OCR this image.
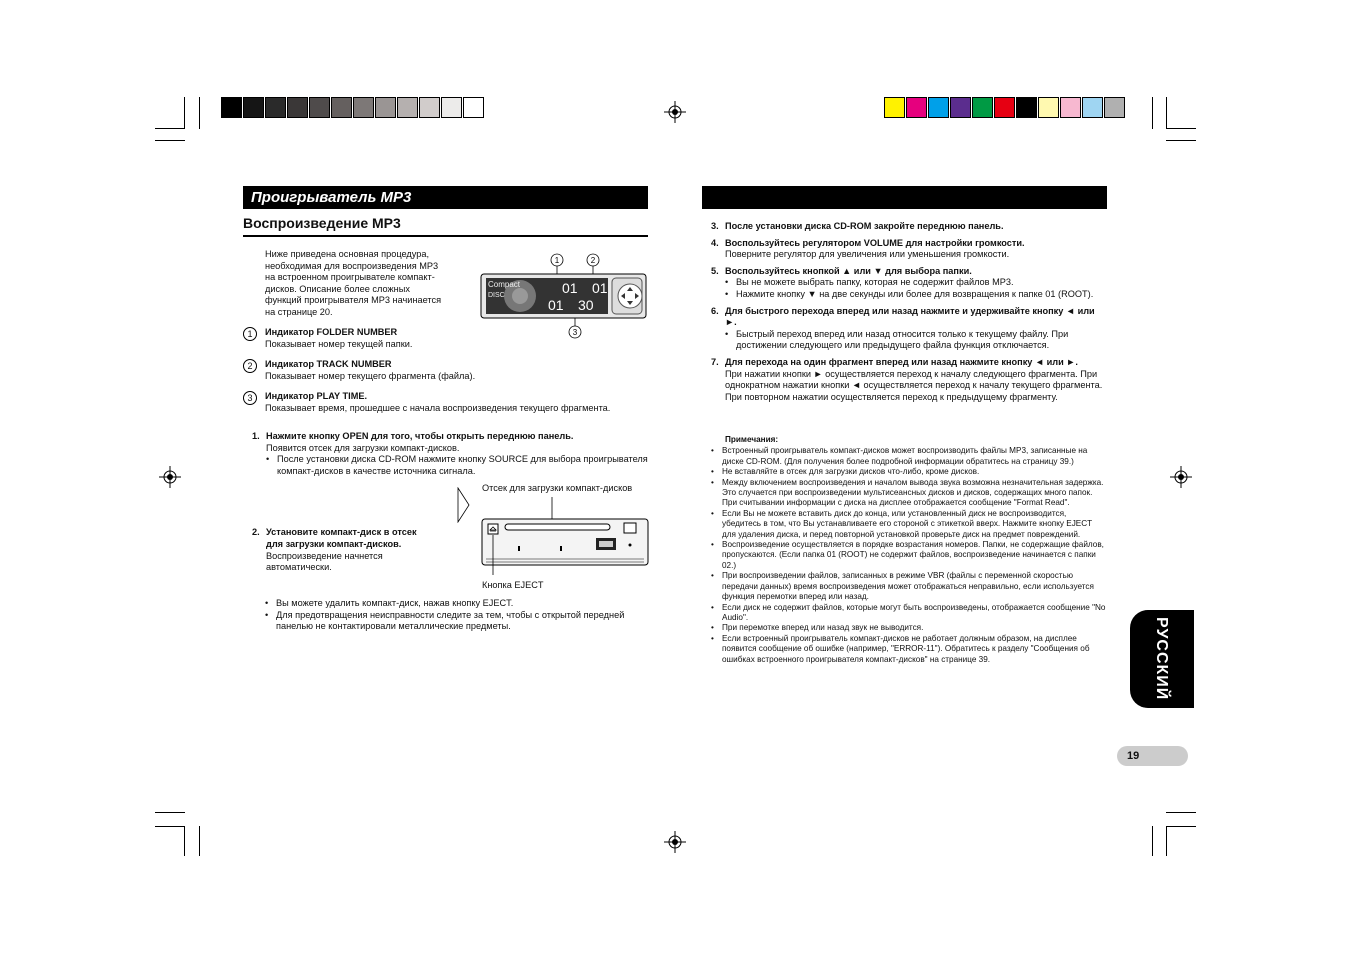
Проигрыватель MP3
Воспроизведение MP3
Ниже приведена основная процедура, необходимая для воспроизведения MP3 на встроенном проигрывателе компакт-дисков. Описание более сложных функций проигрывателя MP3 начинается на странице 20.
1	2
Compact
DISC	01 01
01 30
3
1	Индикатор FOLDER NUMBER
Показывает номер текущей папки.
2	Индикатор TRACK NUMBER
Показывает номер текущего фрагмента (файла).
3	Индикатор PLAY TIME.
Показывает время, прошедшее с начала воспроизведения текущего фрагмента.
1. Нажмите кнопку OPEN для того, чтобы открыть переднюю панель.
Появится отсек для загрузки компакт-дисков.
• После установки диска CD-ROM нажмите кнопку SOURCE для выбора проигрывателя компакт-дисков в качестве источника сигнала.
2. Установите компакт-диск в отсек для загрузки компакт-дисков.
Воспроизведение начнется автоматически.
Отсек для загрузки компакт-дисков
Кнопка EJECT
• Вы можете удалить компакт-диск, нажав кнопку EJECT.
• Для предотвращения неисправности следите за тем, чтобы с открытой передней панелью не контактировали металлические предметы.
3. После установки диска CD-ROM закройте переднюю панель.
4. Воспользуйтесь регулятором VOLUME для настройки громкости.
Поверните регулятор для увеличения или уменьшения громкости.
5. Воспользуйтесь кнопкой ▲ или ▼ для выбора папки.
• Вы не можете выбрать папку, которая не содержит файлов MP3.
• Нажмите кнопку ▼ на две секунды или более для возвращения к папке 01 (ROOT).
6. Для быстрого перехода вперед или назад нажмите и удерживайте кнопку ◄ или ►.
• Быстрый переход вперед или назад относится только к текущему файлу. При достижении следующего или предыдущего файла функция отключается.
7. Для перехода на один фрагмент вперед или назад нажмите кнопку ◄ или ►.
При нажатии кнопки ► осуществляется переход к началу следующего фрагмента. При однократном нажатии кнопки ◄ осуществляется переход к началу текущего фрагмента. При повторном нажатии осуществляется переход к предыдущему фрагменту.
Примечания:
• Встроенный проигрыватель компакт-дисков может воспроизводить файлы MP3, записанные на диске CD-ROM. (Для получения более подробной информации обратитесь на страницу 39.)
• Не вставляйте в отсек для загрузки дисков что-либо, кроме дисков.
• Между включением воспроизведения и началом вывода звука возможна незначительная задержка. Это случается при воспроизведении мультисеансных дисков и дисков, содержащих много папок. При считывании информации с диска на дисплее отображается сообщение "Format Read".
• Если Вы не можете вставить диск до конца, или установленный диск не воспроизводится, убедитесь в том, что Вы устанавливаете его стороной с этикеткой вверх. Нажмите кнопку EJECT для удаления диска, и перед повторной установкой проверьте диск на предмет повреждений.
• Воспроизведение осуществляется в порядке возрастания номеров. Папки, не содержащие файлов, пропускаются. (Если папка 01 (ROOT) не содержит файлов, воспроизведение начинается с папки 02.)
• При воспроизведении файлов, записанных в режиме VBR (файлы с переменной скоростью передачи данных) время воспроизведения может отображаться неправильно, если используется функция перемотки вперед или назад.
• Если диск не содержит файлов, которые могут быть воспроизведены, отображается сообщение "No Audio".
• При перемотке вперед или назад звук не выводится.
• Если встроенный проигрыватель компакт-дисков не работает должным образом, на дисплее появится сообщение об ошибке (например, "ERROR-11"). Обратитесь к разделу "Сообщения об ошибках встроенного проигрывателя компакт-дисков" на странице 39.	РУССКИЙ
19
